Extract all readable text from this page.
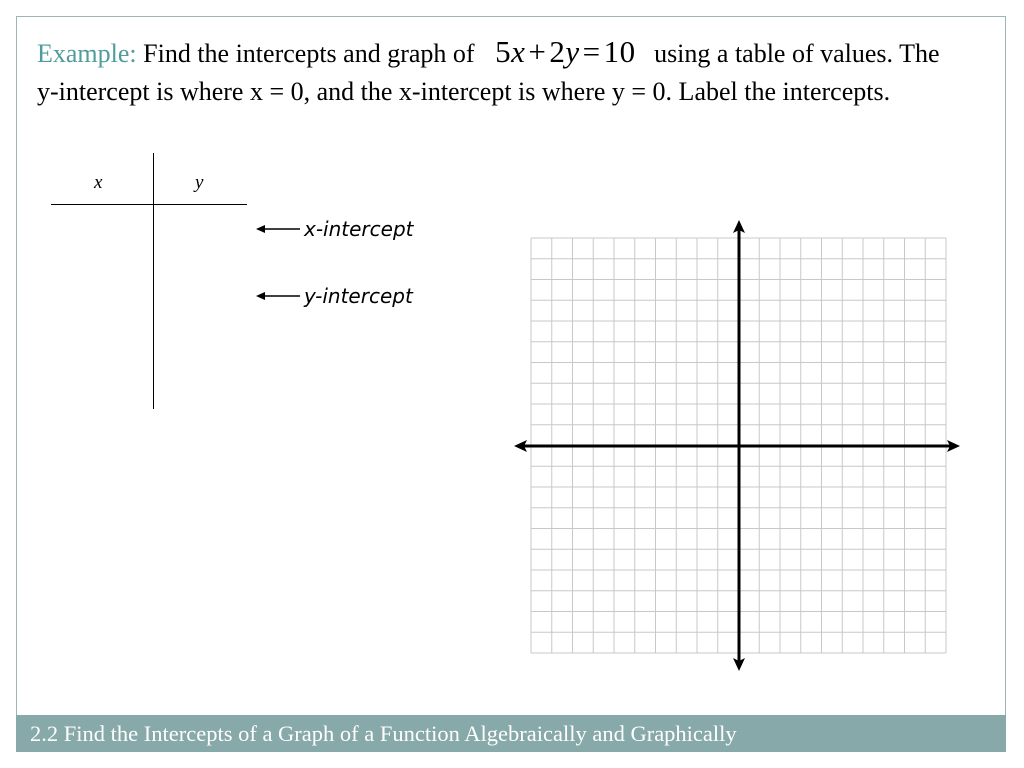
Example: Find the intercepts and graph of 5x+2y=10 using a table of values. The y-intercept is where x = 0, and the x-intercept is where y = 0. Label the intercepts.
x	y
x-intercept
y-intercept
2.2 Find the Intercepts of a Graph of a Function Algebraically and Graphically
